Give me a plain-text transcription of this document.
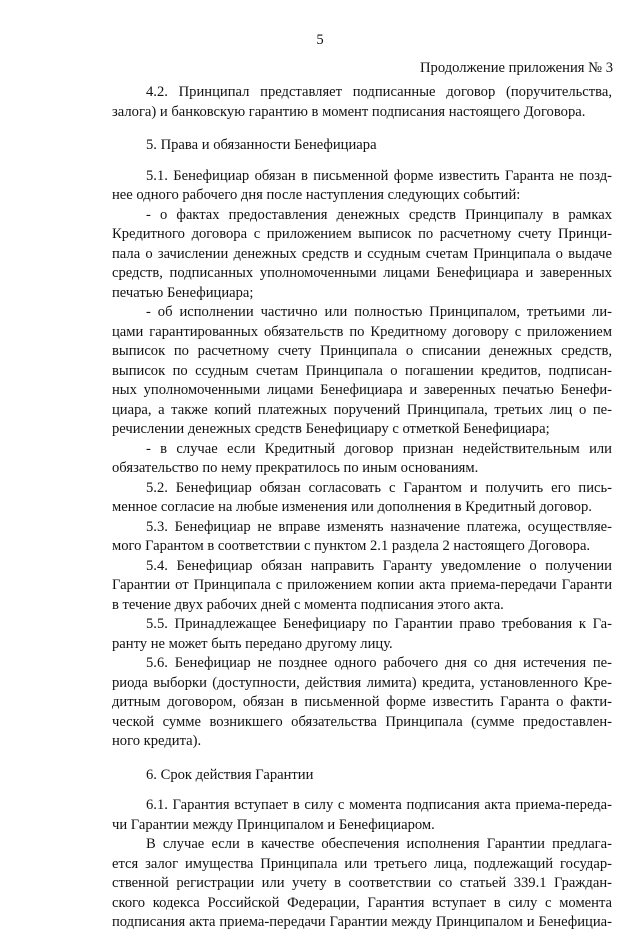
5
Продолжение приложения № 3
4.2. Принципал представляет подписанные договор (поручительства,
залога) и банковскую гарантию в момент подписания настоящего Договора.
5. Права и обязанности Бенефициара
5.1. Бенефициар обязан в письменной форме известить Гаранта не позд-
нее одного рабочего дня после наступления следующих событий:
- о фактах предоставления денежных средств Принципалу в рамках
Кредитного договора с приложением выписок по расчетному счету Принци-
пала о зачислении денежных средств и ссудным счетам Принципала о выдаче
средств, подписанных уполномоченными лицами Бенефициара и заверенных
печатью Бенефициара;
- об исполнении частично или полностью Принципалом, третьими ли-
цами гарантированных обязательств по Кредитному договору с приложением
выписок по расчетному счету Принципала о списании денежных средств,
выписок по ссудным счетам Принципала о погашении кредитов, подписан-
ных уполномоченными лицами Бенефициара и заверенных печатью Бенефи-
циара, а также копий платежных поручений Принципала, третьих лиц о пе-
речислении денежных средств Бенефициару с отметкой Бенефициара;
- в случае если Кредитный договор признан недействительным или
обязательство по нему прекратилось по иным основаниям.
5.2. Бенефициар обязан согласовать с Гарантом и получить его пись-
менное согласие на любые изменения или дополнения в Кредитный договор.
5.3. Бенефициар не вправе изменять назначение платежа, осуществляе-
мого Гарантом в соответствии с пунктом 2.1 раздела 2 настоящего Договора.
5.4. Бенефициар обязан направить Гаранту уведомление о получении
Гарантии от Принципала с приложением копии акта приема-передачи Гаранти
в течение двух рабочих дней с момента подписания этого акта.
5.5. Принадлежащее Бенефициару по Гарантии право требования к Га-
ранту не может быть передано другому лицу.
5.6. Бенефициар не позднее одного рабочего дня со дня истечения пе-
риода выборки (доступности, действия лимита) кредита, установленного Кре-
дитным договором, обязан в письменной форме известить Гаранта о факти-
ческой сумме возникшего обязательства Принципала (сумме предоставлен-
ного кредита).
6. Срок действия Гарантии
6.1. Гарантия вступает в силу с момента подписания акта приема-переда-
чи Гарантии между Принципалом и Бенефициаром.
В случае если в качестве обеспечения исполнения Гарантии предлага-
ется залог имущества Принципала или третьего лица, подлежащий государ-
ственной регистрации или учету в соответствии со статьей 339.1 Граждан-
ского кодекса Российской Федерации, Гарантия вступает в силу с момента
подписания акта приема-передачи Гарантии между Принципалом и Бенефициа-
